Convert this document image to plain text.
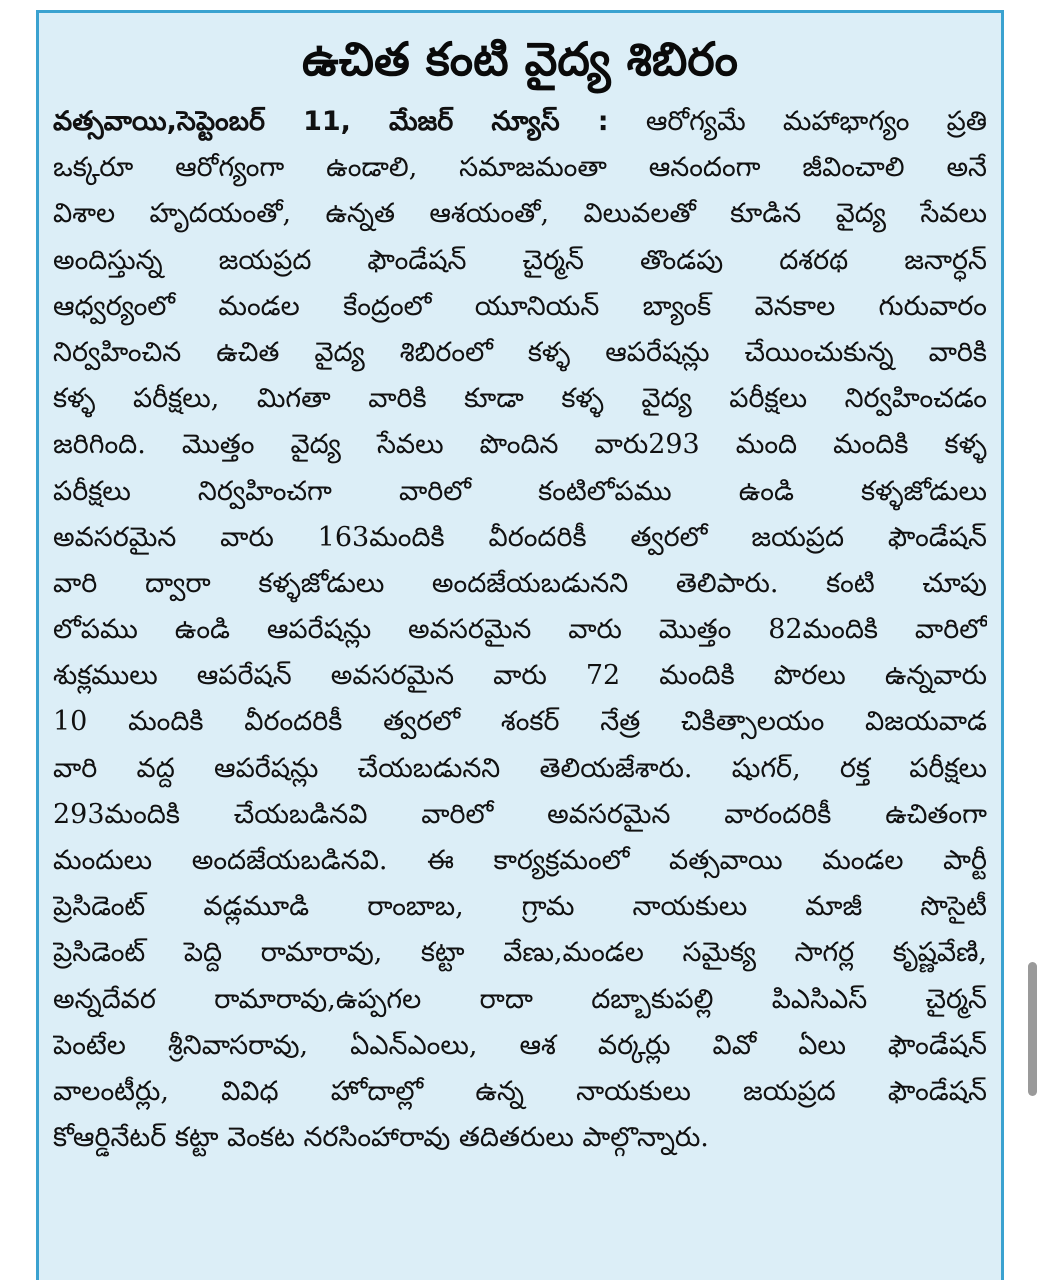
ఉచిత కంటి వైద్య శిబిరం
వత్సవాయి,సెప్టెంబర్ 11, మేజర్ న్యూస్ : ఆరోగ్యమే మహాభాగ్యం ప్రతి
ఒక్కరూ ఆరోగ్యంగా ఉండాలి, సమాజమంతా ఆనందంగా జీవించాలి అనే
విశాల హృదయంతో, ఉన్నత ఆశయంతో, విలువలతో కూడిన వైద్య సేవలు
అందిస్తున్న జయప్రద ఫౌండేషన్ చైర్మన్ తొండపు దశరథ జనార్ధన్
ఆధ్వర్యంలో మండల కేంద్రంలో యూనియన్ బ్యాంక్ వెనకాల గురువారం
నిర్వహించిన ఉచిత వైద్య శిబిరంలో కళ్ళ ఆపరేషన్లు చేయించుకున్న వారికి
కళ్ళ పరీక్షలు, మిగతా వారికి కూడా కళ్ళ వైద్య పరీక్షలు నిర్వహించడం
జరిగింది. మొత్తం వైద్య సేవలు పొందిన వారు293 మంది మందికి కళ్ళ
పరీక్షలు నిర్వహించగా వారిలో కంటిలోపము ఉండి కళ్ళజోడులు
అవసరమైన వారు 163మందికి వీరందరికీ త్వరలో జయప్రద ఫౌండేషన్
వారి ద్వారా కళ్ళజోడులు అందజేయబడునని తెలిపారు. కంటి చూపు
లోపము ఉండి ఆపరేషన్లు అవసరమైన వారు మొత్తం 82మందికి వారిలో
శుక్లములు ఆపరేషన్ అవసరమైన వారు 72 మందికి పొరలు ఉన్నవారు
10 మందికి వీరందరికీ త్వరలో శంకర్ నేత్ర చికిత్సాలయం విజయవాడ
వారి వద్ద ఆపరేషన్లు చేయబడునని తెలియజేశారు. షుగర్, రక్త పరీక్షలు
293మందికి చేయబడినవి వారిలో అవసరమైన వారందరికీ ఉచితంగా
మందులు అందజేయబడినవి. ఈ కార్యక్రమంలో వత్సవాయి మండల పార్టీ
ప్రెసిడెంట్ వడ్లమూడి రాంబాబ, గ్రామ నాయకులు మాజీ సొసైటీ
ప్రెసిడెంట్ పెద్ది రామారావు, కట్టా వేణు,మండల సమైక్య సాగర్ల కృష్ణవేణి,
అన్నదేవర రామారావు,ఉప్పగల రాదా దబ్బాకుపల్లి పిఎసిఎస్ చైర్మన్
పెంటేల శ్రీనివాసరావు, ఏఎన్ఎంలు, ఆశ వర్కర్లు వివో ఏలు ఫౌండేషన్
వాలంటీర్లు, వివిధ హోదాల్లో ఉన్న నాయకులు జయప్రద ఫౌండేషన్
కోఆర్డినేటర్ కట్టా వెంకట నరసింహారావు తదితరులు పాల్గొన్నారు.
